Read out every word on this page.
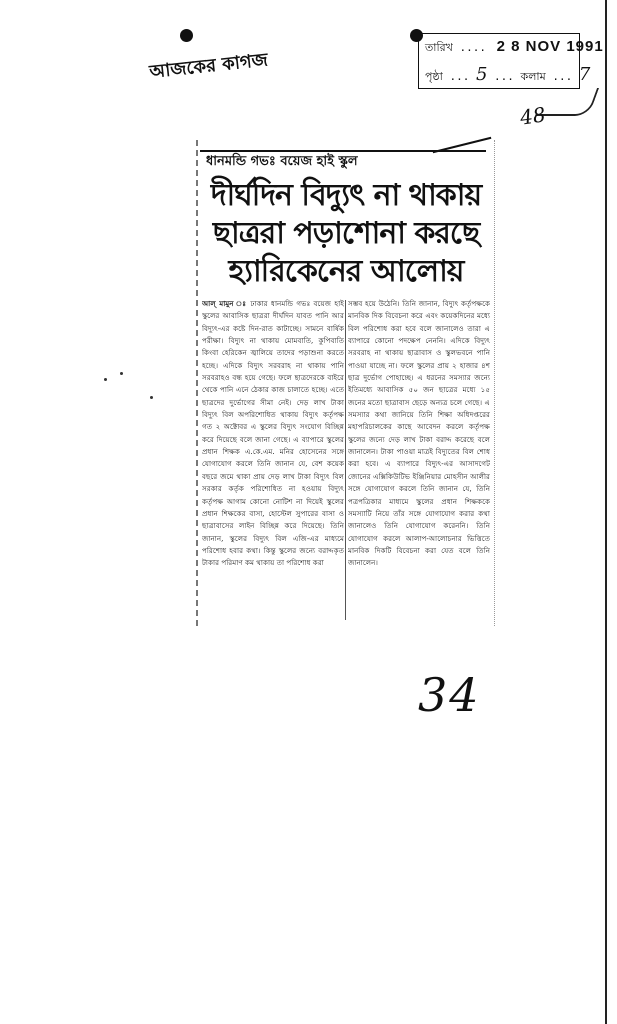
আজকের কাগজ
তারিখ .... 2 8 NOV 1991
পৃষ্ঠা ... 5 ... কলাম ... 7
48
ধানমন্ডি গভঃ বয়েজ হাই স্কুল
দীর্ঘদিন বিদ্যুৎ না থাকায়
ছাত্ররা পড়াশোনা করছে
হ্যারিকেনের আলোয়
আল্ মামুন ঃ ঢাকার ধানমন্ডি গভঃ বয়েজ হাই স্কুলের আবাসিক ছাত্ররা দীর্ঘদিন যাবত পানি আর বিদ্যুৎ-এর কষ্টে দিন-রাত কাটাচ্ছে। সামনে বার্ষিক পরীক্ষা। বিদ্যুৎ না থাকায় মোমবাতি, কুপিবাতি কিংবা হেরিকেন জ্বালিয়ে তাদের পড়াশুনা করতে হচ্ছে। এদিকে বিদ্যুৎ সরবরাহ না থাকায় পানি সরবরাহও বন্ধ হয়ে গেছে। ফলে ছাত্রদেরকে বাইরে থেকে পানি এনে ঠেকার কাজ চালাতে হচ্ছে। এতে ছাত্রদের দুর্ভোগের সীমা নেই। দেড় লাখ টাকা বিদ্যুৎ বিল অপরিশোধিত থাকায় বিদ্যুৎ কর্তৃপক্ষ গত ২ অক্টোবর এ স্কুলের বিদ্যুৎ সংযোগ বিচ্ছিন্ন করে দিয়েছে বলে জানা গেছে। এ ব্যাপারে স্কুলের প্রধান শিক্ষক এ.কে.এম. মনির হোসেনের সঙ্গে যোগাযোগ করলে তিনি জানান যে, বেশ কয়েক বছরে জমে থাকা প্রায় দেড় লাখ টাকা বিদ্যুৎ বিল সরকার কর্তৃক পরিশোধিত না হওয়ায় বিদ্যুৎ কর্তৃপক্ষ আগাম কোনো নোটিশ না দিয়েই স্কুলের প্রধান শিক্ষকের বাসা, হোস্টেল সুপারের বাসা ও ছাত্রাবাসের লাইন বিচ্ছিন্ন করে দিয়েছে। তিনি জানান, স্কুলের বিদ্যুৎ বিল এজি-এর মাধ্যমে পরিশোধ হবার কথা। কিন্তু স্কুলের জন্যে বরাদ্দকৃত টাকার পরিমাণ কম থাকায় তা পরিশোধ করা
সম্ভব হয়ে উঠেনি। তিনি জানান, বিদ্যুৎ কর্তৃপক্ষকে মানবিক দিক বিবেচনা করে এবং কয়েকদিনের মধ্যে বিল পরিশোধ করা হবে বলে জানালেও তারা এ ব্যাপারে কোনো পদক্ষেপ নেননি। এদিকে বিদ্যুৎ সরবরাহ না থাকায় ছাত্রাবাস ও স্কুলভবনে পানি পাওয়া যাচ্ছে না। ফলে স্কুলের প্রায় ২ হাজার ৪শ ছাত্র দুর্ভোগ পোহাচ্ছে। এ ধরনের সমস্যার জন্যে ইতিমধ্যে আবাসিক ৫০ জন ছাত্রের মধ্যে ১৫ জনের মতো ছাত্রাবাস ছেড়ে অন্যত্র চলে গেছে। এ সমস্যার কথা জানিয়ে তিনি শিক্ষা অধিদপ্তরের মহাপরিচালকের কাছে আবেদন করলে কর্তৃপক্ষ স্কুলের জন্যে দেড় লাখ টাকা বরাদ্দ করেছে বলে জানালেন। টাকা পাওয়া মাত্রই বিদ্যুতের বিল শোধ করা হবে। এ ব্যাপারে বিদ্যুৎ-এর আসাদগেট জোনের এক্সিকিউটিভ ইঞ্জিনিয়ার মোহসীন আলীর সঙ্গে যোগাযোগ করলে তিনি জানান যে, তিনি পত্রপত্রিকার মাধ্যমে স্কুলের প্রধান শিক্ষককে সমস্যাটি নিয়ে তাঁর সঙ্গে যোগাযোগ করার কথা জানালেও তিনি যোগাযোগ করেননি। তিনি যোগাযোগ করলে আলাপ-আলোচনার ভিত্তিতে মানবিক দিকটি বিবেচনা করা যেত বলে তিনি জানালেন।
34
